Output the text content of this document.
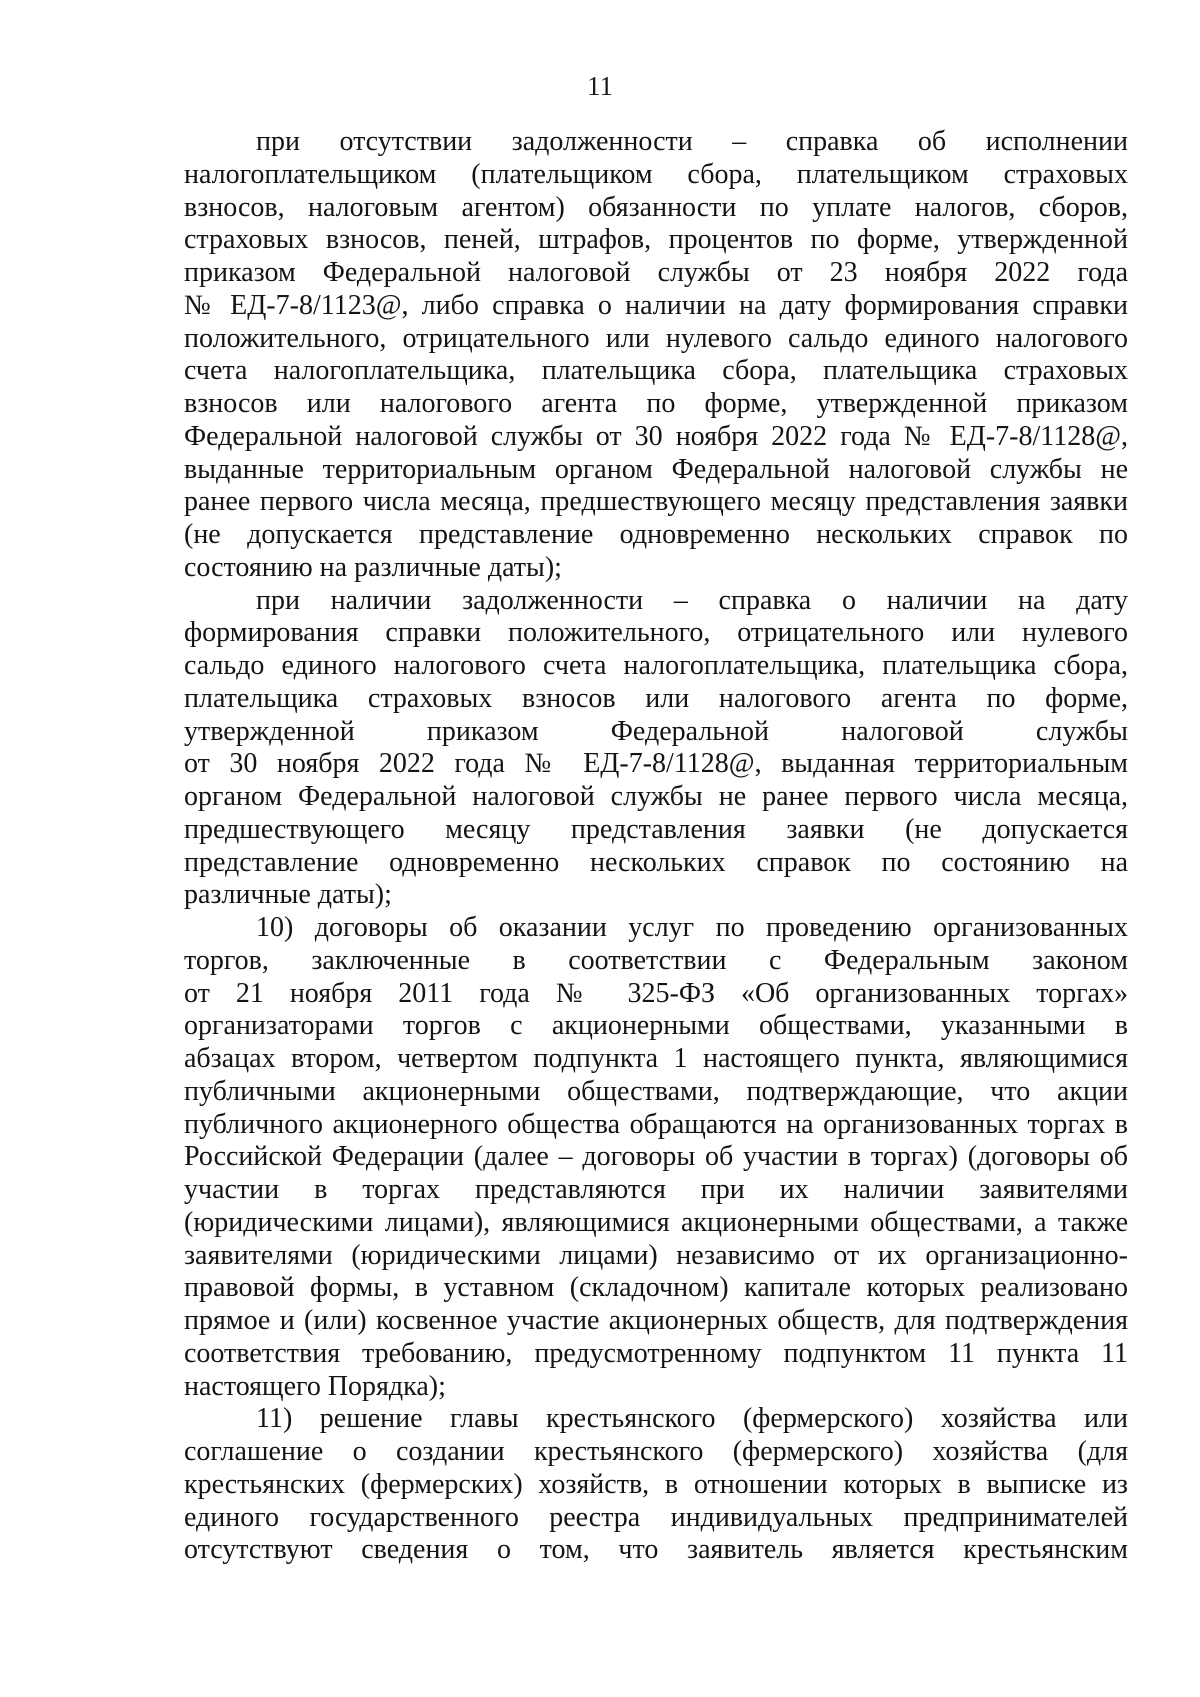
11
при отсутствии задолженности – справка об исполнении
налогоплательщиком (плательщиком сбора, плательщиком страховых
взносов, налоговым агентом) обязанности по уплате налогов, сборов,
страховых взносов, пеней, штрафов, процентов по форме, утвержденной
приказом Федеральной налоговой службы от 23 ноября 2022 года
№ ЕД-7-8/1123@, либо справка о наличии на дату формирования справки
положительного, отрицательного или нулевого сальдо единого налогового
счета налогоплательщика, плательщика сбора, плательщика страховых
взносов или налогового агента по форме, утвержденной приказом
Федеральной налоговой службы от 30 ноября 2022 года № ЕД-7-8/1128@,
выданные территориальным органом Федеральной налоговой службы не
ранее первого числа месяца, предшествующего месяцу представления заявки
(не допускается представление одновременно нескольких справок по
состоянию на различные даты);
при наличии задолженности – справка о наличии на дату
формирования справки положительного, отрицательного или нулевого
сальдо единого налогового счета налогоплательщика, плательщика сбора,
плательщика страховых взносов или налогового агента по форме,
утвержденной приказом Федеральной налоговой службы
от 30 ноября 2022 года № ЕД-7-8/1128@, выданная территориальным
органом Федеральной налоговой службы не ранее первого числа месяца,
предшествующего месяцу представления заявки (не допускается
представление одновременно нескольких справок по состоянию на
различные даты);
10) договоры об оказании услуг по проведению организованных
торгов, заключенные в соответствии с Федеральным законом
от 21 ноября 2011 года № 325-ФЗ «Об организованных торгах»
организаторами торгов с акционерными обществами, указанными в
абзацах втором, четвертом подпункта 1 настоящего пункта, являющимися
публичными акционерными обществами, подтверждающие, что акции
публичного акционерного общества обращаются на организованных торгах в
Российской Федерации (далее – договоры об участии в торгах) (договоры об
участии в торгах представляются при их наличии заявителями
(юридическими лицами), являющимися акционерными обществами, а также
заявителями (юридическими лицами) независимо от их организационно-
правовой формы, в уставном (складочном) капитале которых реализовано
прямое и (или) косвенное участие акционерных обществ, для подтверждения
соответствия требованию, предусмотренному подпунктом 11 пункта 11
настоящего Порядка);
11) решение главы крестьянского (фермерского) хозяйства или
соглашение о создании крестьянского (фермерского) хозяйства (для
крестьянских (фермерских) хозяйств, в отношении которых в выписке из
единого государственного реестра индивидуальных предпринимателей
отсутствуют сведения о том, что заявитель является крестьянским
